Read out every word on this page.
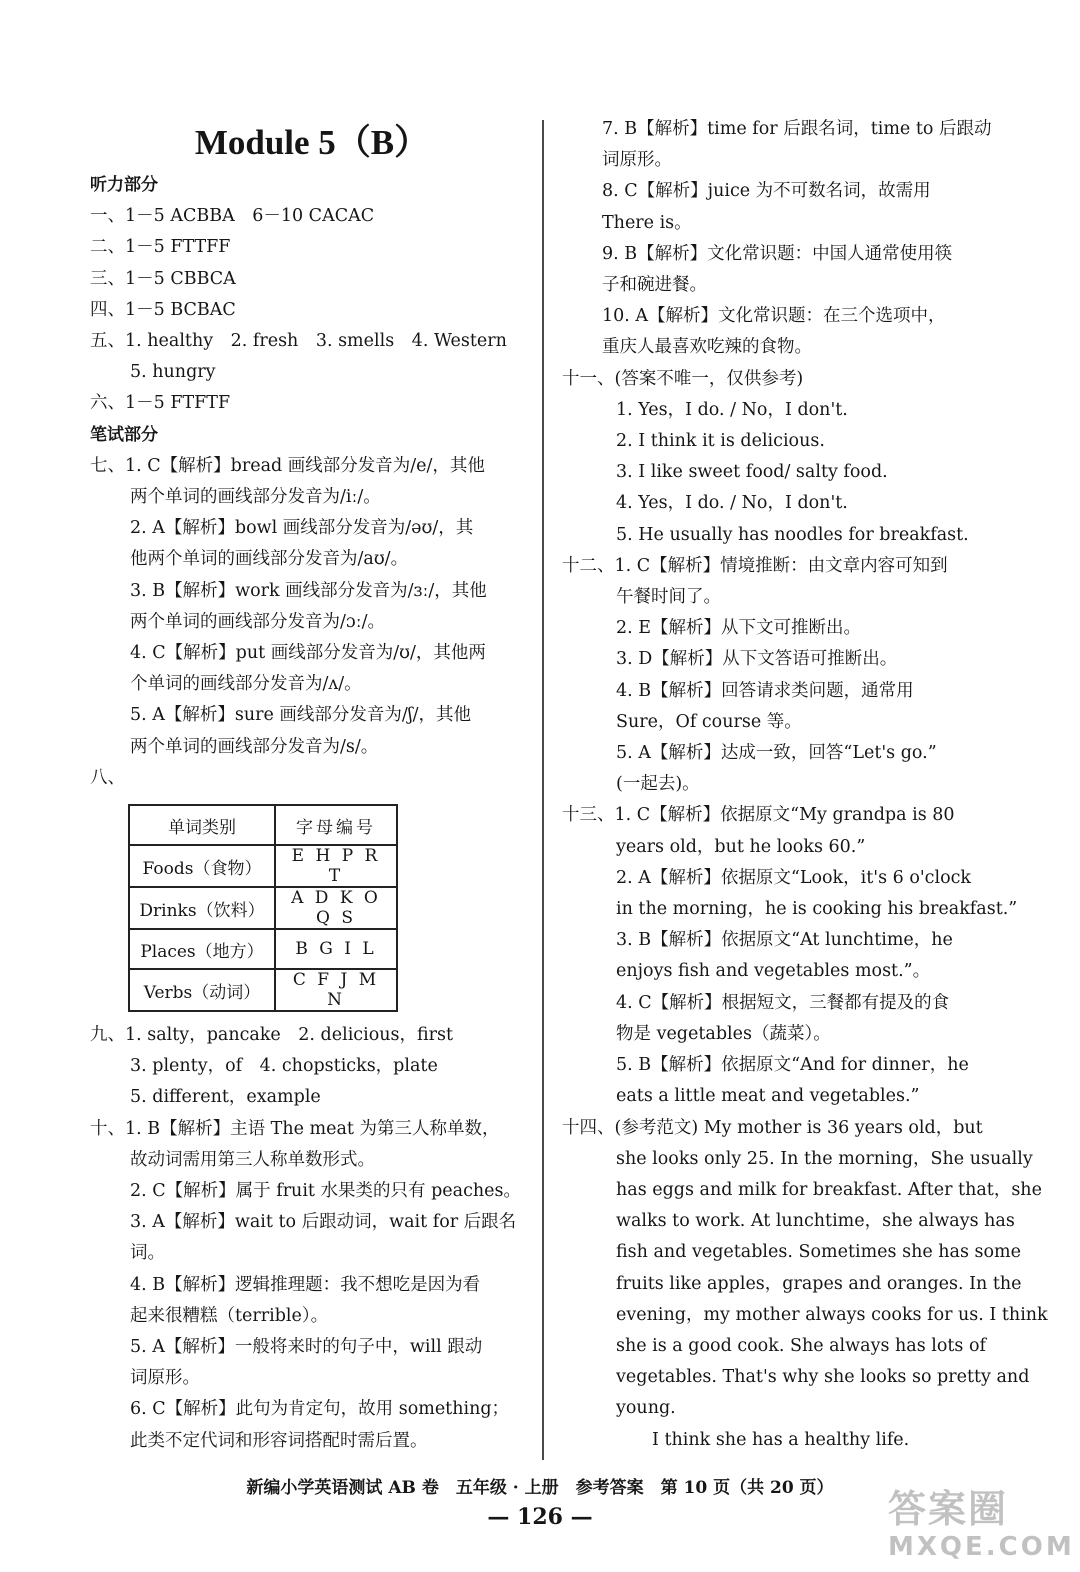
Module 5（B）
听力部分
一、1－5 ACBBA　6－10 CACAC
二、1－5 FTTFF
三、1－5 CBBCA
四、1－5 BCBAC
五、1. healthy　2. fresh　3. smells　4. Western
5. hungry
六、1－5 FTFTF
笔试部分
七、1. C【解析】bread 画线部分发音为/e/，其他
两个单词的画线部分发音为/iː/。
2. A【解析】bowl 画线部分发音为/əʊ/，其
他两个单词的画线部分发音为/aʊ/。
3. B【解析】work 画线部分发音为/ɜː/，其他
两个单词的画线部分发音为/ɔː/。
4. C【解析】put 画线部分发音为/ʊ/，其他两
个单词的画线部分发音为/ʌ/。
5. A【解析】sure 画线部分发音为/ʃ/，其他
两个单词的画线部分发音为/s/。
八、
单词类别	字母编号
Foods（食物）	E H P R T
Drinks（饮料）	A D K O Q S
Places（地方）	B G I L
Verbs（动词）	C F J M N
九、1. salty，pancake　2. delicious，first
3. plenty，of　4. chopsticks，plate
5. different，example
十、1. B【解析】主语 The meat 为第三人称单数，
故动词需用第三人称单数形式。
2. C【解析】属于 fruit 水果类的只有 peaches。
3. A【解析】wait to 后跟动词，wait for 后跟名
词。
4. B【解析】逻辑推理题：我不想吃是因为看
起来很糟糕（terrible）。
5. A【解析】一般将来时的句子中，will 跟动
词原形。
6. C【解析】此句为肯定句，故用 something；
此类不定代词和形容词搭配时需后置。
7. B【解析】time for 后跟名词，time to 后跟动
词原形。
8. C【解析】juice 为不可数名词，故需用
There is。
9. B【解析】文化常识题：中国人通常使用筷
子和碗进餐。
10. A【解析】文化常识题：在三个选项中，
重庆人最喜欢吃辣的食物。
十一、(答案不唯一，仅供参考)
1. Yes，I do. / No，I don't.
2. I think it is delicious.
3. I like sweet food/ salty food.
4. Yes，I do. / No，I don't.
5. He usually has noodles for breakfast.
十二、1. C【解析】情境推断：由文章内容可知到
午餐时间了。
2. E【解析】从下文可推断出。
3. D【解析】从下文答语可推断出。
4. B【解析】回答请求类问题，通常用
Sure，Of course 等。
5. A【解析】达成一致，回答“Let's go.”
(一起去)。
十三、1. C【解析】依据原文“My grandpa is 80
years old，but he looks 60.”
2. A【解析】依据原文“Look，it's 6 o'clock
in the morning，he is cooking his breakfast.”
3. B【解析】依据原文“At lunchtime，he
enjoys fish and vegetables most.”。
4. C【解析】根据短文，三餐都有提及的食
物是 vegetables（蔬菜）。
5. B【解析】依据原文“And for dinner，he
eats a little meat and vegetables.”
十四、(参考范文) My mother is 36 years old，but
she looks only 25. In the morning，She usually
has eggs and milk for breakfast. After that，she
walks to work. At lunchtime，she always has
fish and vegetables. Sometimes she has some
fruits like apples，grapes and oranges. In the
evening，my mother always cooks for us. I think
she is a good cook. She always has lots of
vegetables. That's why she looks so pretty and
young.
I think she has a healthy life.
新编小学英语测试 AB 卷　五年级 · 上册　参考答案　第 10 页（共 20 页）
— 126 —	答案圈
MXQE.COM
